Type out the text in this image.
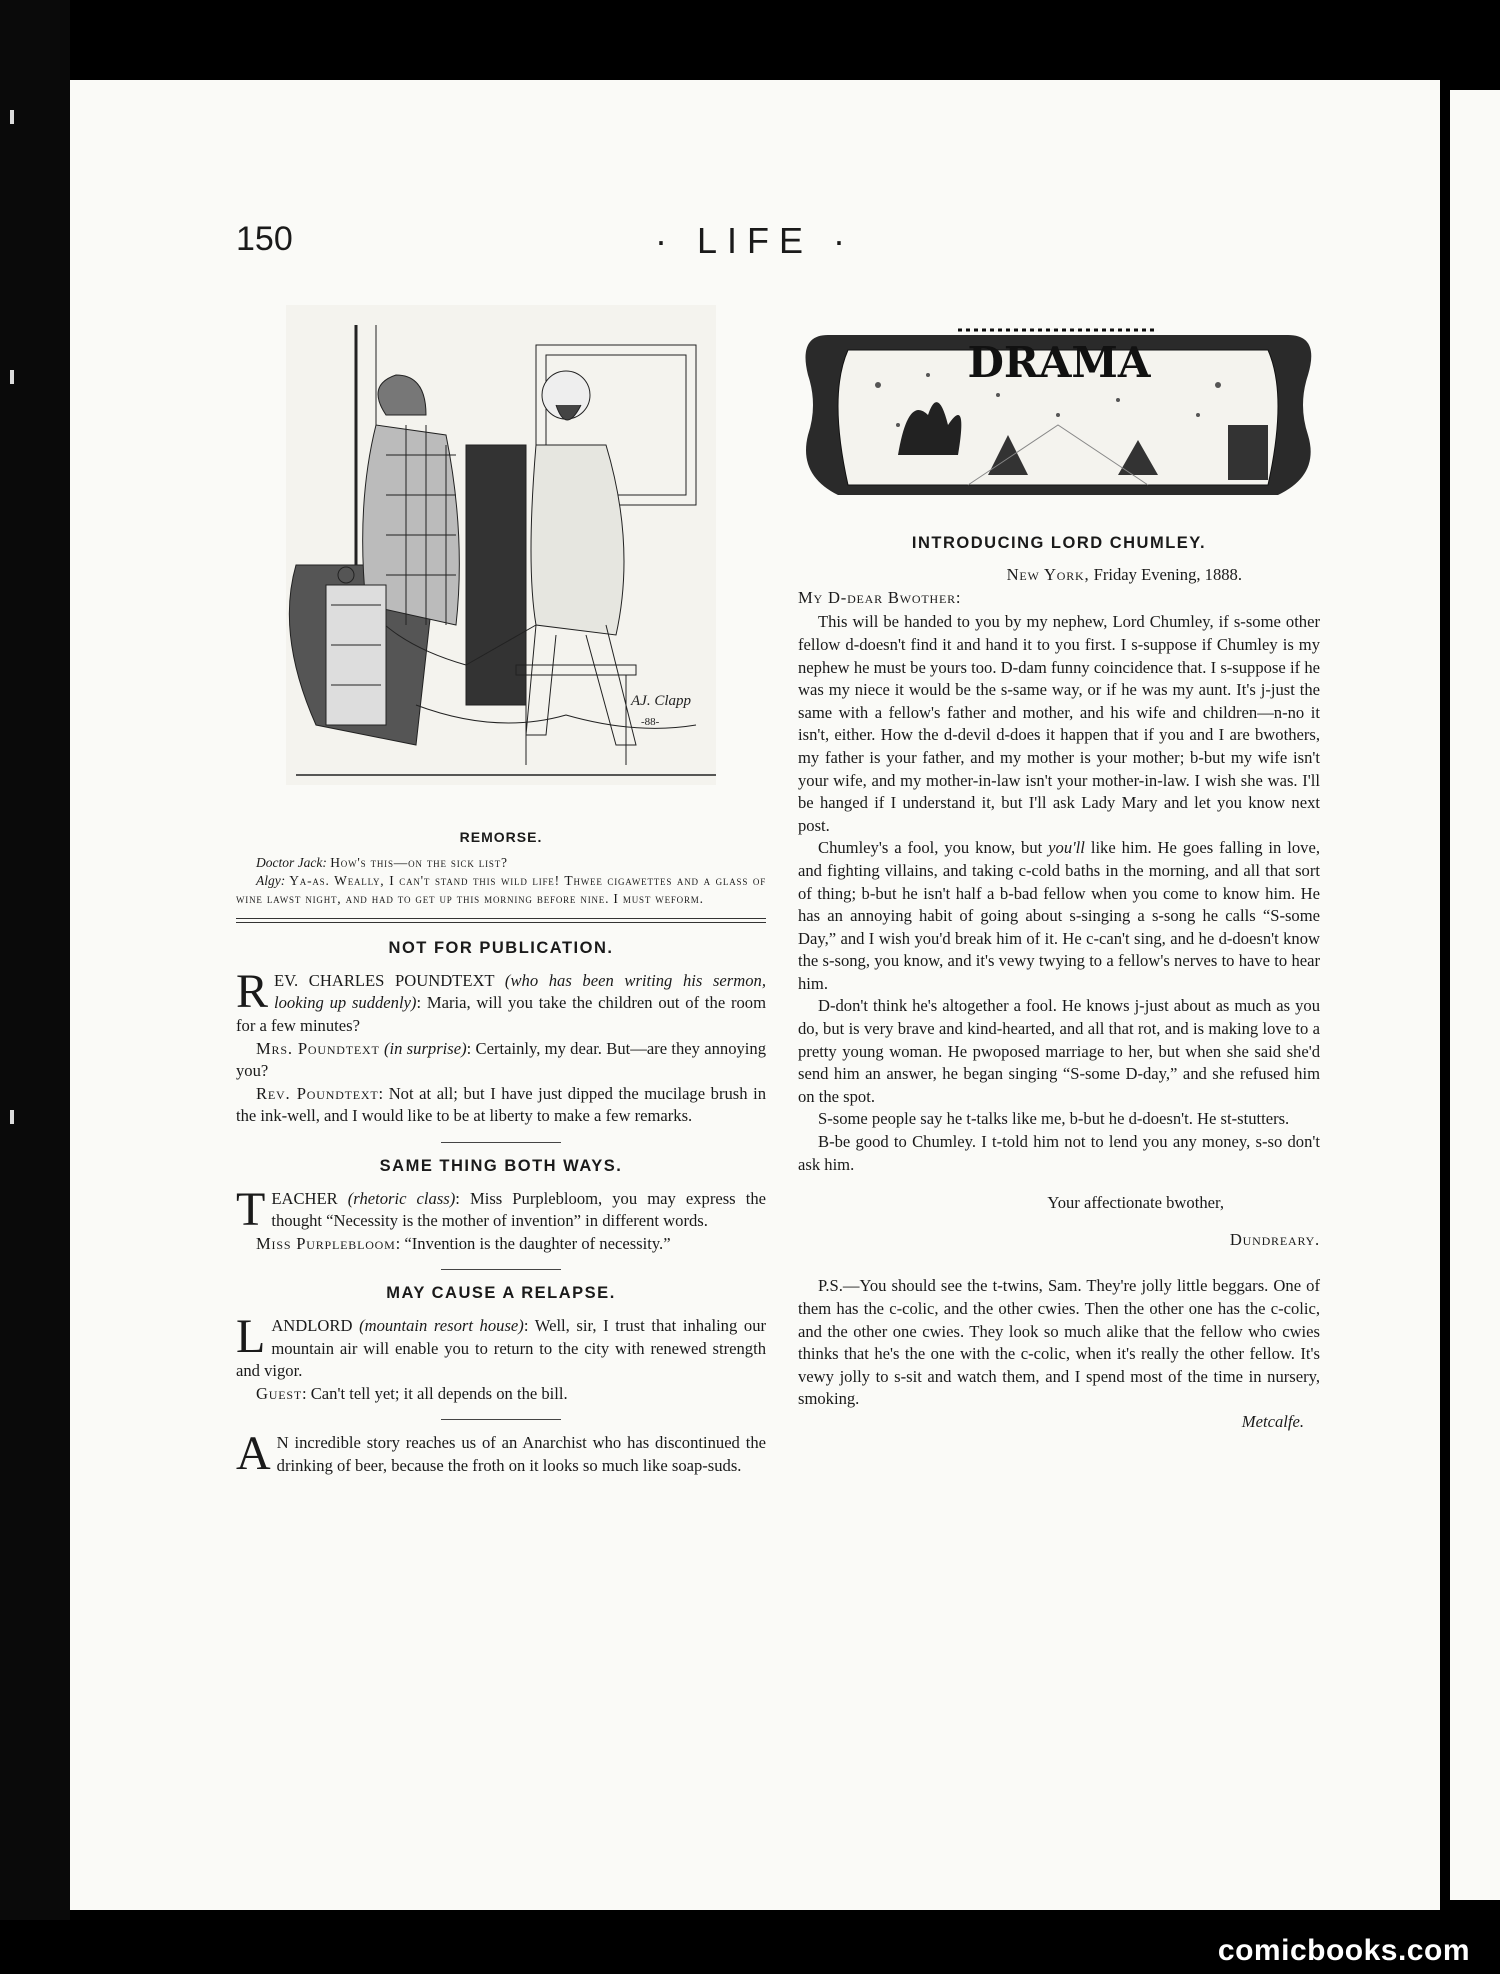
150	· LIFE ·
AJ. Clapp
-88-
REMORSE.

Doctor Jack: How's this—on the sick list?

Algy: Ya-as. Weally, I can't stand this wild life! Thwee cigawettes and a glass of wine lawst night, and had to get up this morning before nine. I must weform.

NOT FOR PUBLICATION.

REV. CHARLES POUNDTEXT (who has been writing his sermon, looking up suddenly): Maria, will you take the children out of the room for a few minutes?

Mrs. Poundtext (in surprise): Certainly, my dear. But—are they annoying you?

Rev. Poundtext: Not at all; but I have just dipped the mucilage brush in the ink-well, and I would like to be at liberty to make a few remarks.

SAME THING BOTH WAYS.

TEACHER (rhetoric class): Miss Purplebloom, you may express the thought “Necessity is the mother of invention” in different words.

Miss Purplebloom: “Invention is the daughter of necessity.”

MAY CAUSE A RELAPSE.

LANDLORD (mountain resort house): Well, sir, I trust that inhaling our mountain air will enable you to return to the city with renewed strength and vigor.

Guest: Can't tell yet; it all depends on the bill.

A N incredible story reaches us of an Anarchist who has discontinued the drinking of beer, because the froth on it looks so much like soap-suds.

DRAMA
INTRODUCING LORD CHUMLEY.

New York, Friday Evening, 1888.

My D-dear Bwother:

This will be handed to you by my nephew, Lord Chumley, if s-some other fellow d-doesn't find it and hand it to you first. I s-suppose if Chumley is my nephew he must be yours too. D-dam funny coincidence that. I s-suppose if he was my niece it would be the s-same way, or if he was my aunt. It's j-just the same with a fellow's father and mother, and his wife and children—n-no it isn't, either. How the d-devil d-does it happen that if you and I are bwothers, my father is your father, and my mother is your mother; b-but my wife isn't your wife, and my mother-in-law isn't your mother-in-law. I wish she was. I'll be hanged if I understand it, but I'll ask Lady Mary and let you know next post.

Chumley's a fool, you know, but you'll like him. He goes falling in love, and fighting villains, and taking c-cold baths in the morning, and all that sort of thing; b-but he isn't half a b-bad fellow when you come to know him. He has an annoying habit of going about s-singing a s-song he calls “S-some Day,” and I wish you'd break him of it. He c-can't sing, and he d-doesn't know the s-song, you know, and it's vewy twying to a fellow's nerves to have to hear him.

D-don't think he's altogether a fool. He knows j-just about as much as you do, but is very brave and kind-hearted, and all that rot, and is making love to a pretty young woman. He pwoposed marriage to her, but when she said she'd send him an answer, he began singing “S-some D-day,” and she refused him on the spot.

S-some people say he t-talks like me, b-but he d-doesn't. He st-stutters.

B-be good to Chumley. I t-told him not to lend you any money, s-so don't ask him.

Your affectionate bwother,

Dundreary.

P.S.—You should see the t-twins, Sam. They're jolly little beggars. One of them has the c-colic, and the other cwies. Then the other one has the c-colic, and the other one cwies. They look so much alike that the fellow who cwies thinks that he's the one with the c-colic, when it's really the other fellow. It's vewy jolly to s-sit and watch them, and I spend most of the time in nursery, smoking.

Metcalfe.

comicbooks.com
